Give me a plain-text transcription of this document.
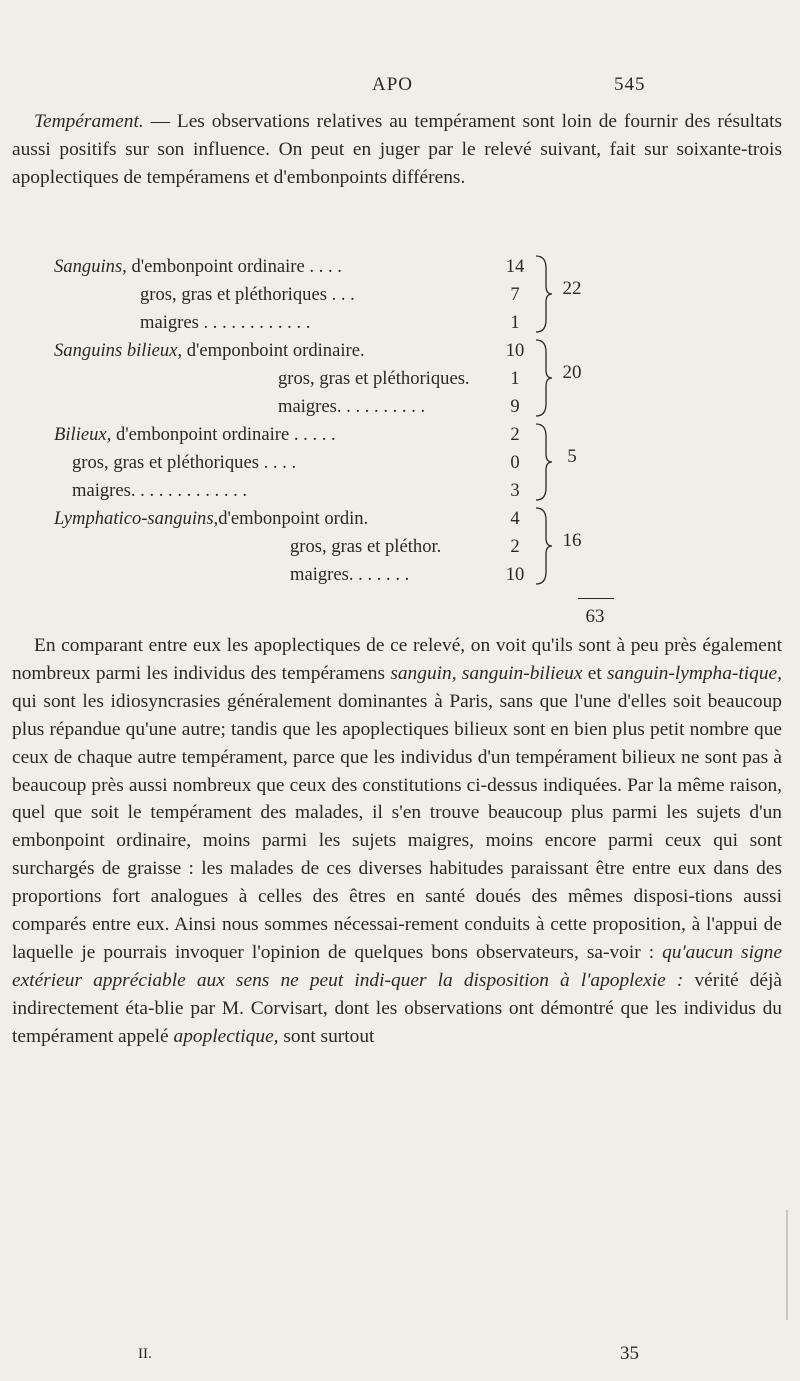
APO	545
Tempérament. — Les observations relatives au tempérament sont loin de fournir des résultats aussi positifs sur son influence. On peut en juger par le relevé suivant, fait sur soixante-trois apoplectiques de tempéramens et d'embonpoints différens.
Sanguins, d'embonpoint ordinaire . . . .	14
gros, gras et pléthoriques . . .	7
maigres . . . . . . . . . . . .	1
22
Sanguins bilieux, d'emponboint ordinaire.	10
gros, gras et pléthoriques.	1
maigres. . . . . . . . . .	9
20
Bilieux, d'embonpoint ordinaire . . . . .	2
gros, gras et pléthoriques . . . .	0
maigres. . . . . . . . . . . . .	3
5
Lymphatico-sanguins,d'embonpoint ordin.	4
gros, gras et pléthor.	2
maigres. . . . . . .	10
16
63
En comparant entre eux les apoplectiques de ce relevé, on voit qu'ils sont à peu près également nombreux parmi les individus des tempéramens sanguin, sanguin-bilieux et sanguin-lympha-tique, qui sont les idiosyncrasies généralement dominantes à Paris, sans que l'une d'elles soit beaucoup plus répandue qu'une autre; tandis que les apoplectiques bilieux sont en bien plus petit nombre que ceux de chaque autre tempérament, parce que les individus d'un tempérament bilieux ne sont pas à beaucoup près aussi nombreux que ceux des constitutions ci-dessus indiquées. Par la même raison, quel que soit le tempérament des malades, il s'en trouve beaucoup plus parmi les sujets d'un embonpoint ordinaire, moins parmi les sujets maigres, moins encore parmi ceux qui sont surchargés de graisse : les malades de ces diverses habitudes paraissant être entre eux dans des proportions fort analogues à celles des êtres en santé doués des mêmes disposi-tions aussi comparés entre eux. Ainsi nous sommes nécessai-rement conduits à cette proposition, à l'appui de laquelle je pourrais invoquer l'opinion de quelques bons observateurs, sa-voir : qu'aucun signe extérieur appréciable aux sens ne peut indi-quer la disposition à l'apoplexie : vérité déjà indirectement éta-blie par M. Corvisart, dont les observations ont démontré que les individus du tempérament appelé apoplectique, sont surtout
II.	35
